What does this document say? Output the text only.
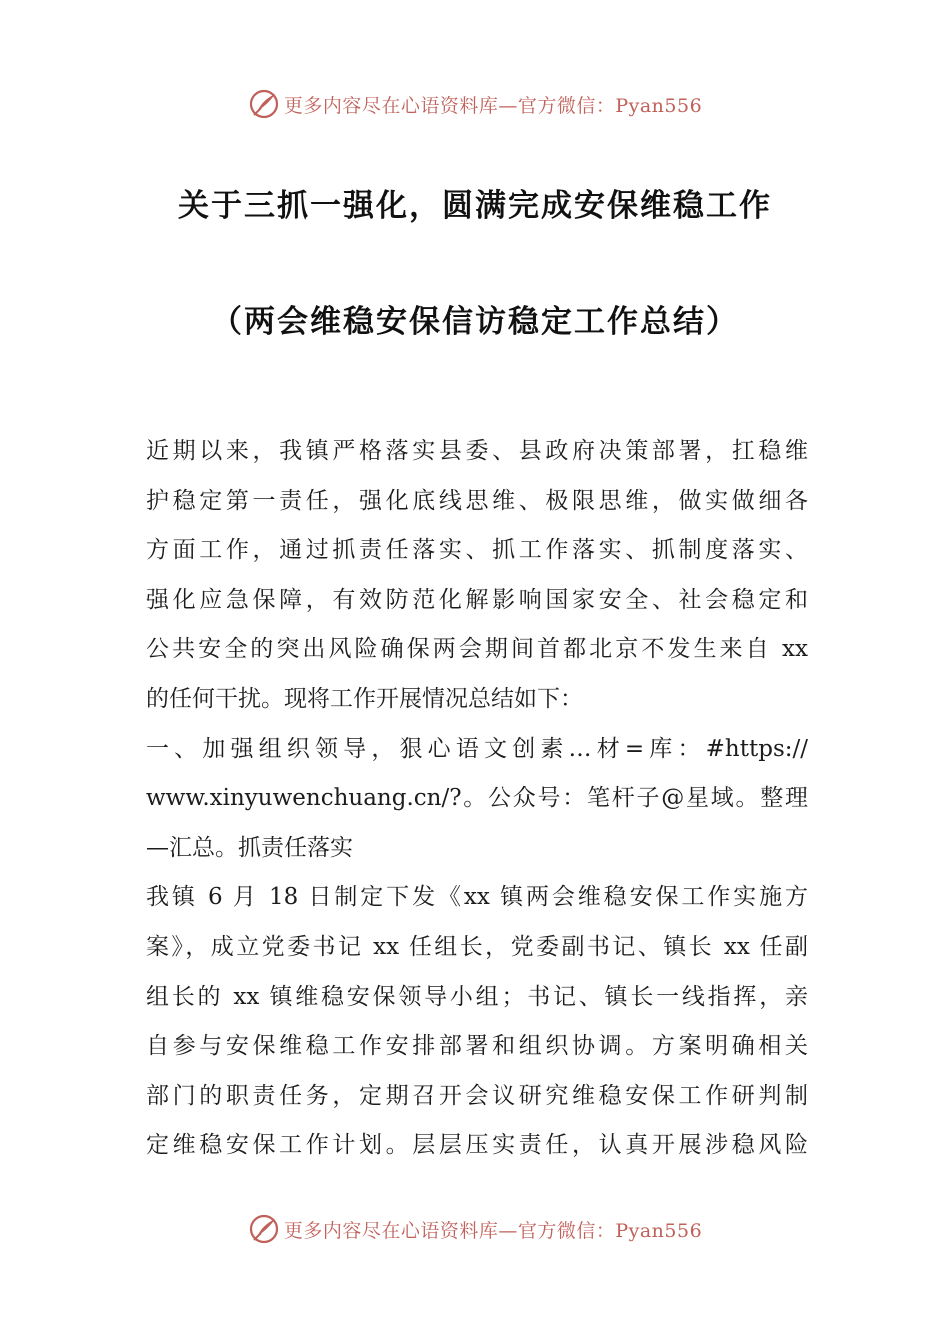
更多内容尽在心语资料库—官方微信：Pyan556
关于三抓一强化，圆满完成安保维稳工作
（两会维稳安保信访稳定工作总结）
近期以来，我镇严格落实县委、县政府决策部署，扛稳维
护稳定第一责任，强化底线思维、极限思维，做实做细各
方面工作，通过抓责任落实、抓工作落实、抓制度落实、
强化应急保障，有效防范化解影响国家安全、社会稳定和
公共安全的突出风险确保两会期间首都北京不发生来自 xx
的任何干扰。现将工作开展情况总结如下：
一、加强组织领导，狠心语文创素…材=库：#https://
www.xinyuwenchuang.cn/?。公众号：笔杆子@星域。整理
—汇总。抓责任落实
我镇 6 月 18 日制定下发《xx 镇两会维稳安保工作实施方
案》，成立党委书记 xx 任组长，党委副书记、镇长 xx 任副
组长的 xx 镇维稳安保领导小组；书记、镇长一线指挥，亲
自参与安保维稳工作安排部署和组织协调。方案明确相关
部门的职责任务，定期召开会议研究维稳安保工作研判制
定维稳安保工作计划。层层压实责任，认真开展涉稳风险
更多内容尽在心语资料库—官方微信：Pyan556
